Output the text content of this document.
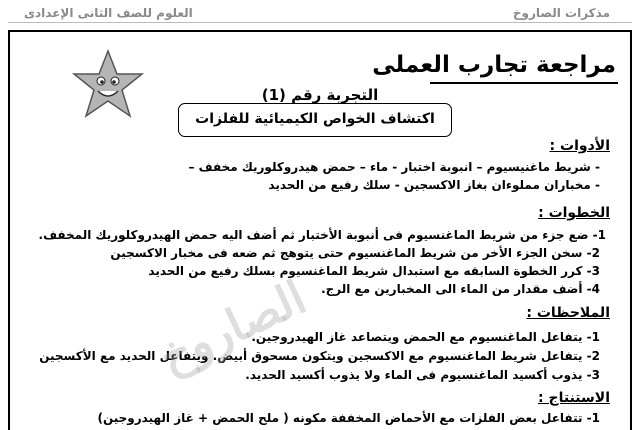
العلوم للصف الثانى الإعدادى	مذكرات الصاروخ
مراجعة تجارب العملى
التجربة رقم (1)
اكتشاف الخواص الكيميائية للفلزات
الأدوات :
- شريط ماغنيسيوم – انبوبة اختبار - ماء – حمض هيدروكلوريك مخفف –
- مخباران مملوءان بغاز الاكسجين - سلك رفيع من الحديد
الخطوات :
1- ضع جزء من شريط الماغنسيوم فى أنبوبة الأختبار ثم أضف اليه حمض الهيدروكلوريك المخفف.
2- سخن الجزء الأخر من شريط الماغنسيوم حتى يتوهج ثم ضعه فى مخبار الاكسجين
3- كرر الخطوة السابقه مع استبدال شريط الماغنسيوم بسلك رفيع من الحديد
4- أضف مقدار من الماء الى المخبارين مع الرج.
الملاحظات :
1- يتفاعل الماغنسيوم مع الحمض ويتصاعد غاز الهيدروجين.
2- يتفاعل شريط الماغنسيوم مع الاكسجين ويتكون مسحوق أبيض. ويتفاعل الحديد مع الأكسجين
3- يذوب أكسيد الماغنسيوم فى الماء ولا يذوب أكسيد الحديد.
الاستنتاج :
1- تتفاعل بعض الفلزات مع الأحماض المخففة مكونه ( ملح الحمض + غاز الهيدروجين)
الصاروخ
